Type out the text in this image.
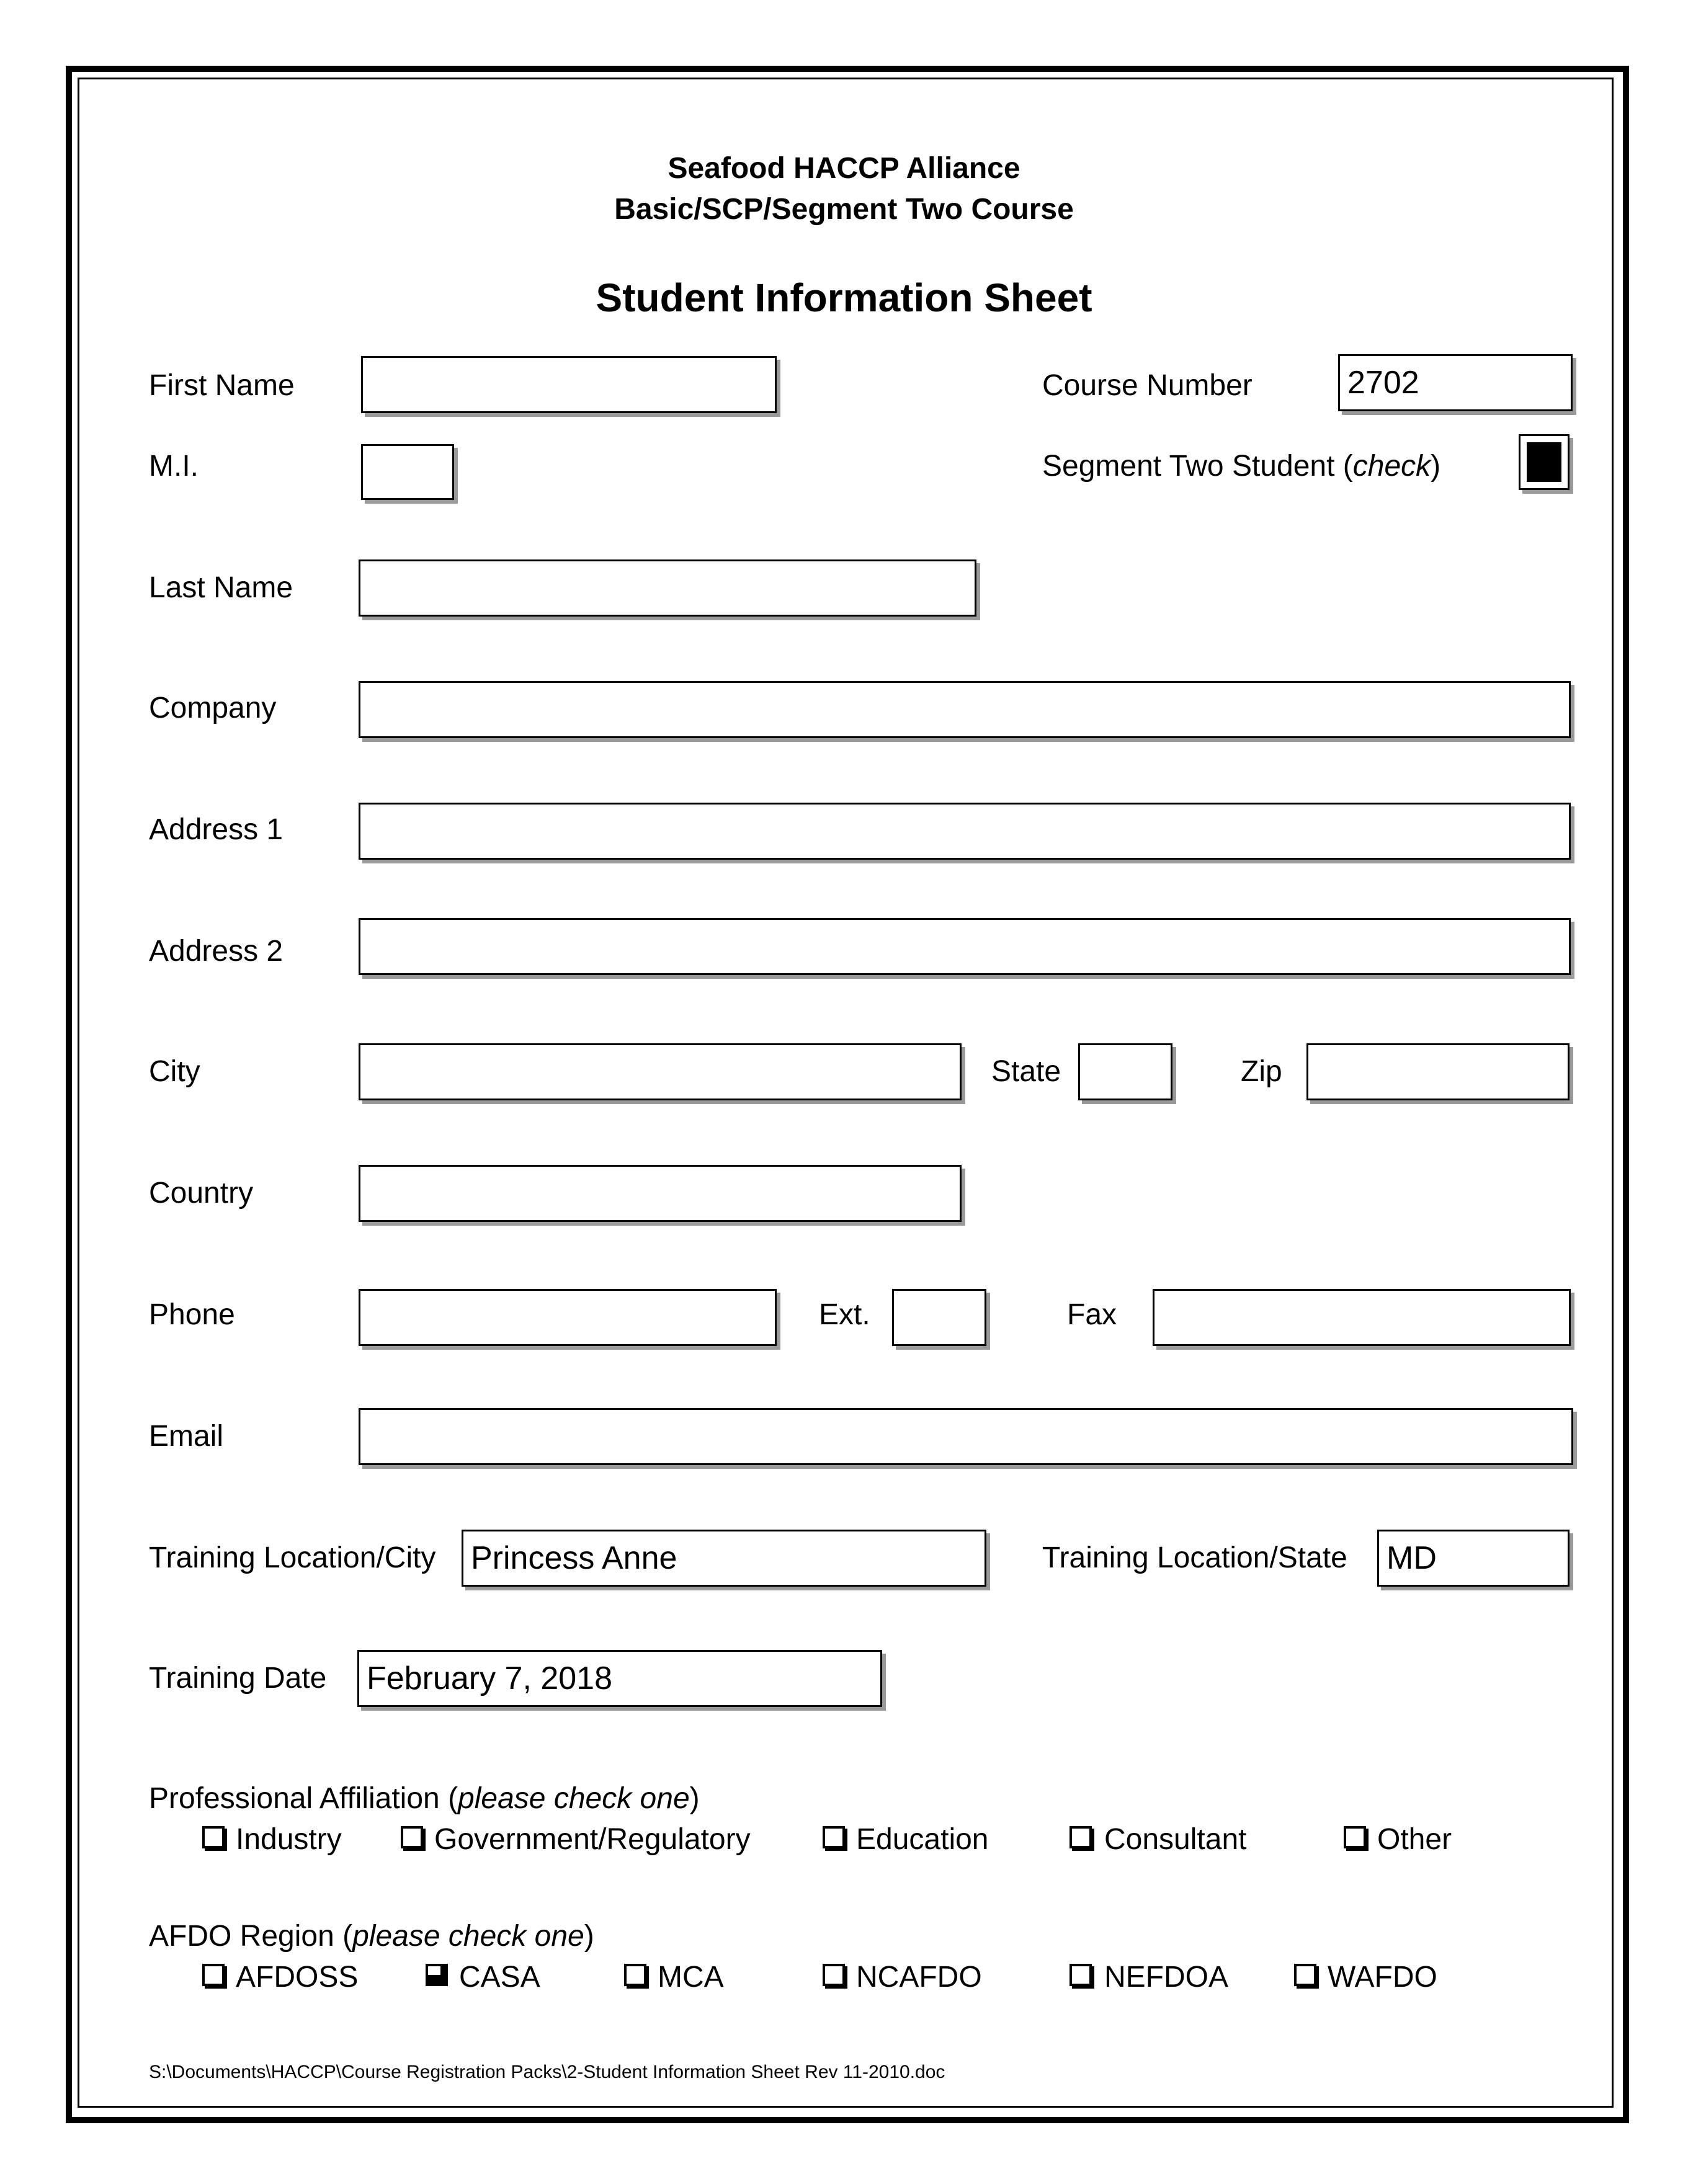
Seafood HACCP Alliance
Basic/SCP/Segment Two Course
Student Information Sheet
First Name	Course Number	2702
M.I.	Segment Two Student (check)
Last Name
Company
Address 1
Address 2
City	State	Zip
Country
Phone	Ext.	Fax
Email
Training Location/City Princess Anne	Training Location/State MD
Training Date February 7, 2018
Professional Affiliation (please check one)
Industry	Government/Regulatory	Education	Consultant	Other
AFDO Region (please check one)
AFDOSS	CASA	MCA	NCAFDO	NEFDOA	WAFDO
S:\Documents\HACCP\Course Registration Packs\2-Student Information Sheet Rev 11-2010.doc
